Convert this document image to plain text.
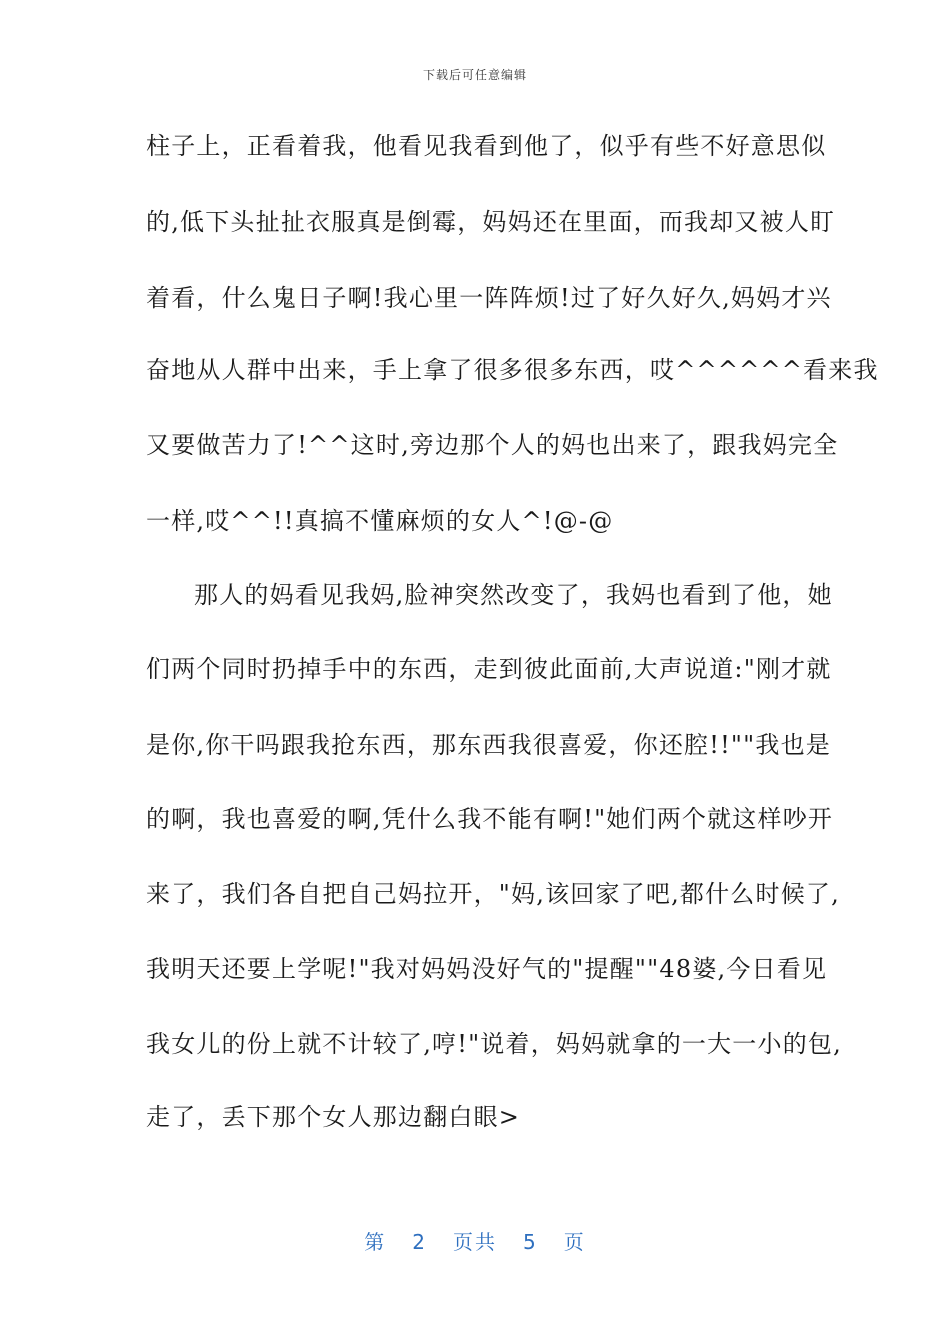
下载后可任意编辑
柱子上，正看着我，他看见我看到他了，似乎有些不好意思似
的,低下头扯扯衣服真是倒霉，妈妈还在里面，而我却又被人盯
着看，什么鬼日子啊!我心里一阵阵烦!过了好久好久,妈妈才兴
奋地从人群中出来，手上拿了很多很多东西，哎^^^^^^看来我
又要做苦力了!^^这时,旁边那个人的妈也出来了，跟我妈完全
一样,哎^^!!真搞不懂麻烦的女人^!@-@
那人的妈看见我妈,脸神突然改变了，我妈也看到了他，她
们两个同时扔掉手中的东西，走到彼此面前,大声说道:"刚才就
是你,你干吗跟我抢东西，那东西我很喜爱，你还腔!!""我也是
的啊，我也喜爱的啊,凭什么我不能有啊!"她们两个就这样吵开
来了，我们各自把自己妈拉开，"妈,该回家了吧,都什么时候了,
我明天还要上学呢!"我对妈妈没好气的"提醒""48婆,今日看见
我女儿的份上就不计较了,哼!"说着，妈妈就拿的一大一小的包,
走了，丢下那个女人那边翻白眼>
第 2 页共 5 页
